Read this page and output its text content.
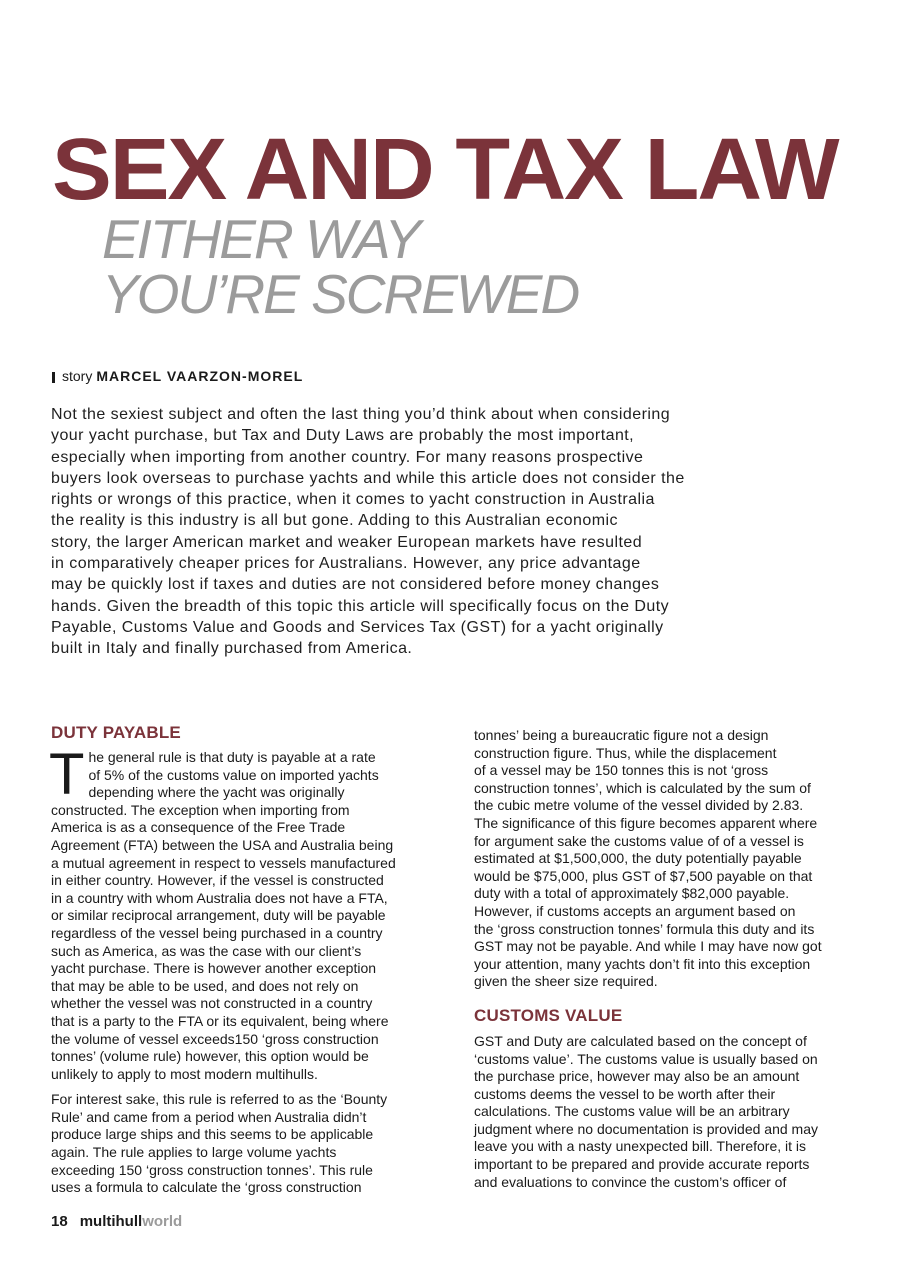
SEX AND TAX LAW
EITHER WAY
YOU’RE SCREWED
story MARCEL VAARZON-MOREL
Not the sexiest subject and often the last thing you’d think about when considering
your yacht purchase, but Tax and Duty Laws are probably the most important,
especially when importing from another country. For many reasons prospective
buyers look overseas to purchase yachts and while this article does not consider the
rights or wrongs of this practice, when it comes to yacht construction in Australia
the reality is this industry is all but gone. Adding to this Australian economic
story, the larger American market and weaker European markets have resulted
in comparatively cheaper prices for Australians. However, any price advantage
may be quickly lost if taxes and duties are not considered before money changes
hands. Given the breadth of this topic this article will specifically focus on the Duty
Payable, Customs Value and Goods and Services Tax (GST) for a yacht originally
built in Italy and finally purchased from America.
DUTY PAYABLE

T he general rule is that duty is payable at a rate
of 5% of the customs value on imported yachts
depending where the yacht was originally
constructed. The exception when importing from
America is as a consequence of the Free Trade
Agreement (FTA) between the USA and Australia being
a mutual agreement in respect to vessels manufactured
in either country. However, if the vessel is constructed
in a country with whom Australia does not have a FTA,
or similar reciprocal arrangement, duty will be payable
regardless of the vessel being purchased in a country
such as America, as was the case with our client’s
yacht purchase. There is however another exception
that may be able to be used, and does not rely on
whether the vessel was not constructed in a country
that is a party to the FTA or its equivalent, being where
the volume of vessel exceeds150 ‘gross construction
tonnes’ (volume rule) however, this option would be
unlikely to apply to most modern multihulls.

For interest sake, this rule is referred to as the ‘Bounty
Rule’ and came from a period when Australia didn’t
produce large ships and this seems to be applicable
again. The rule applies to large volume yachts
exceeding 150 ‘gross construction tonnes’. This rule
uses a formula to calculate the ‘gross construction

tonnes’ being a bureaucratic figure not a design
construction figure. Thus, while the displacement
of a vessel may be 150 tonnes this is not ‘gross
construction tonnes’, which is calculated by the sum of
the cubic metre volume of the vessel divided by 2.83.
The significance of this figure becomes apparent where
for argument sake the customs value of of a vessel is
estimated at $1,500,000, the duty potentially payable
would be $75,000, plus GST of $7,500 payable on that
duty with a total of approximately $82,000 payable.
However, if customs accepts an argument based on
the ‘gross construction tonnes’ formula this duty and its
GST may not be payable. And while I may have now got
your attention, many yachts don’t fit into this exception
given the sheer size required.

CUSTOMS VALUE

GST and Duty are calculated based on the concept of
‘customs value’. The customs value is usually based on
the purchase price, however may also be an amount
customs deems the vessel to be worth after their
calculations. The customs value will be an arbitrary
judgment where no documentation is provided and may
leave you with a nasty unexpected bill. Therefore, it is
important to be prepared and provide accurate reports
and evaluations to convince the custom’s officer of

18 multihullworld
